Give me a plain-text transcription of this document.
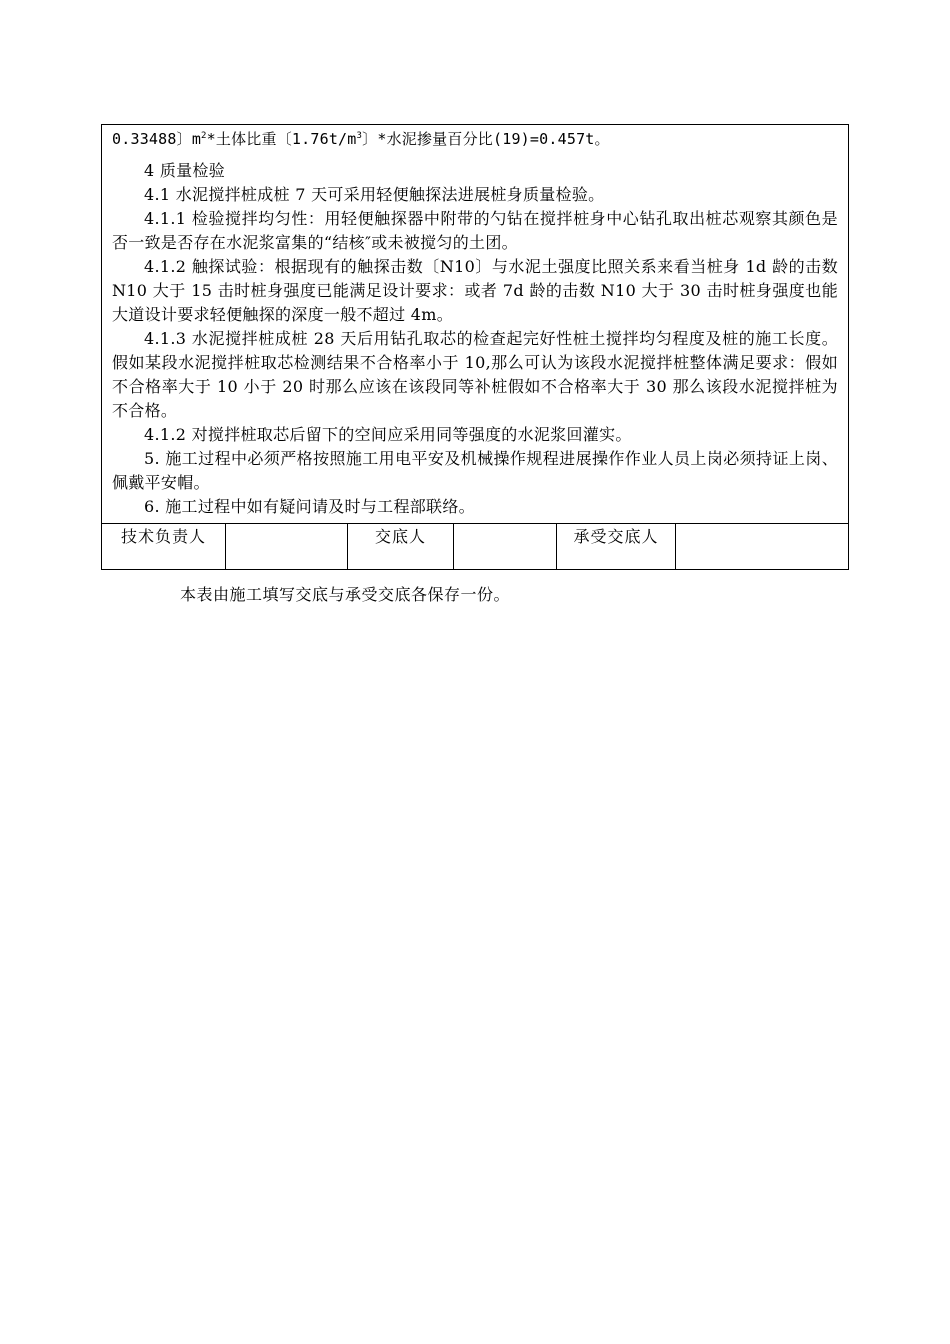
0.33488〕$m^2*$土体比重〔$1.76t/m^3$〕*水泥掺量百分比(19)=0.457t。
4 质量检验
4.1 水泥搅拌桩成桩 7 天可采用轻便触探法进展桩身质量检验。
4.1.1 检验搅拌均匀性：用轻便触探器中附带的勺钻在搅拌桩身中心钻孔取出桩芯观察其颜色是否一致是否存在水泥浆富集的“结核″或未被搅匀的土团。
4.1.2 触探试验：根据现有的触探击数〔N10〕与水泥土强度比照关系来看当桩身 1d 龄的击数 N10 大于 15 击时桩身强度已能满足设计要求：或者 7d 龄的击数 N10 大于 30 击时桩身强度也能大道设计要求轻便触探的深度一般不超过 4m。
4.1.3 水泥搅拌桩成桩 28 天后用钻孔取芯的检查起完好性桩土搅拌均匀程度及桩的施工长度。假如某段水泥搅拌桩取芯检测结果不合格率小于 10,那么可认为该段水泥搅拌桩整体满足要求：假如不合格率大于 10 小于 20 时那么应该在该段同等补桩假如不合格率大于 30 那么该段水泥搅拌桩为不合格。
4.1.2 对搅拌桩取芯后留下的空间应采用同等强度的水泥浆回灌实。
5. 施工过程中必须严格按照施工用电平安及机械操作规程进展操作作业人员上岗必须持证上岗、佩戴平安帽。
6. 施工过程中如有疑问请及时与工程部联络。
技术负责人	交底人	承受交底人
本表由施工填写交底与承受交底各保存一份。
